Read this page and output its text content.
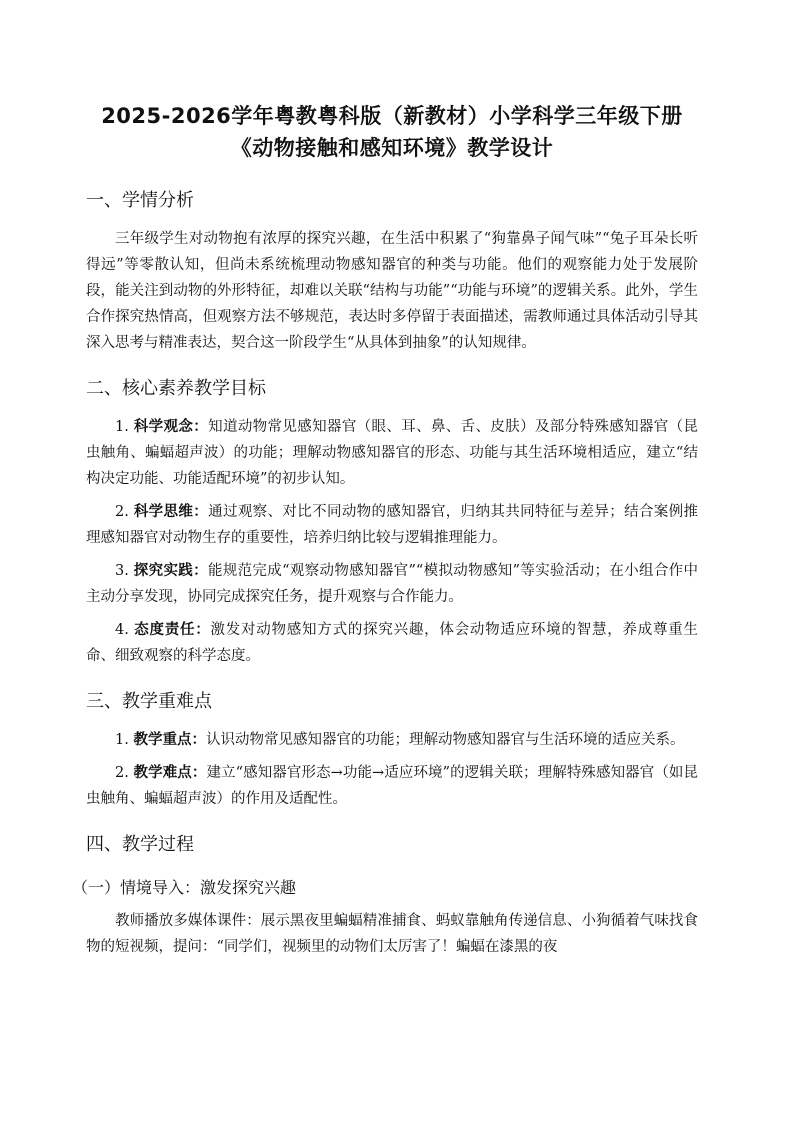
2025-2026学年粤教粤科版（新教材）小学科学三年级下册《动物接触和感知环境》教学设计
一、学情分析

三年级学生对动物抱有浓厚的探究兴趣，在生活中积累了“狗靠鼻子闻气味”“兔子耳朵长听得远”等零散认知，但尚未系统梳理动物感知器官的种类与功能。他们的观察能力处于发展阶段，能关注到动物的外形特征，却难以关联“结构与功能”“功能与环境”的逻辑关系。此外，学生合作探究热情高，但观察方法不够规范，表达时多停留于表面描述，需教师通过具体活动引导其深入思考与精准表达，契合这一阶段学生“从具体到抽象”的认知规律。

二、核心素养教学目标

1. 科学观念：知道动物常见感知器官（眼、耳、鼻、舌、皮肤）及部分特殊感知器官（昆虫触角、蝙蝠超声波）的功能；理解动物感知器官的形态、功能与其生活环境相适应，建立“结构决定功能、功能适配环境”的初步认知。

2. 科学思维：通过观察、对比不同动物的感知器官，归纳其共同特征与差异；结合案例推理感知器官对动物生存的重要性，培养归纳比较与逻辑推理能力。

3. 探究实践：能规范完成“观察动物感知器官”“模拟动物感知”等实验活动；在小组合作中主动分享发现，协同完成探究任务，提升观察与合作能力。

4. 态度责任：激发对动物感知方式的探究兴趣，体会动物适应环境的智慧，养成尊重生命、细致观察的科学态度。

三、教学重难点

1. 教学重点：认识动物常见感知器官的功能；理解动物感知器官与生活环境的适应关系。

2. 教学难点：建立“感知器官形态→功能→适应环境”的逻辑关联；理解特殊感知器官（如昆虫触角、蝙蝠超声波）的作用及适配性。

四、教学过程
（一）情境导入：激发探究兴趣

教师播放多媒体课件：展示黑夜里蝙蝠精准捕食、蚂蚁靠触角传递信息、小狗循着气味找食物的短视频，提问：“同学们，视频里的动物们太厉害了！蝙蝠在漆黑的夜
